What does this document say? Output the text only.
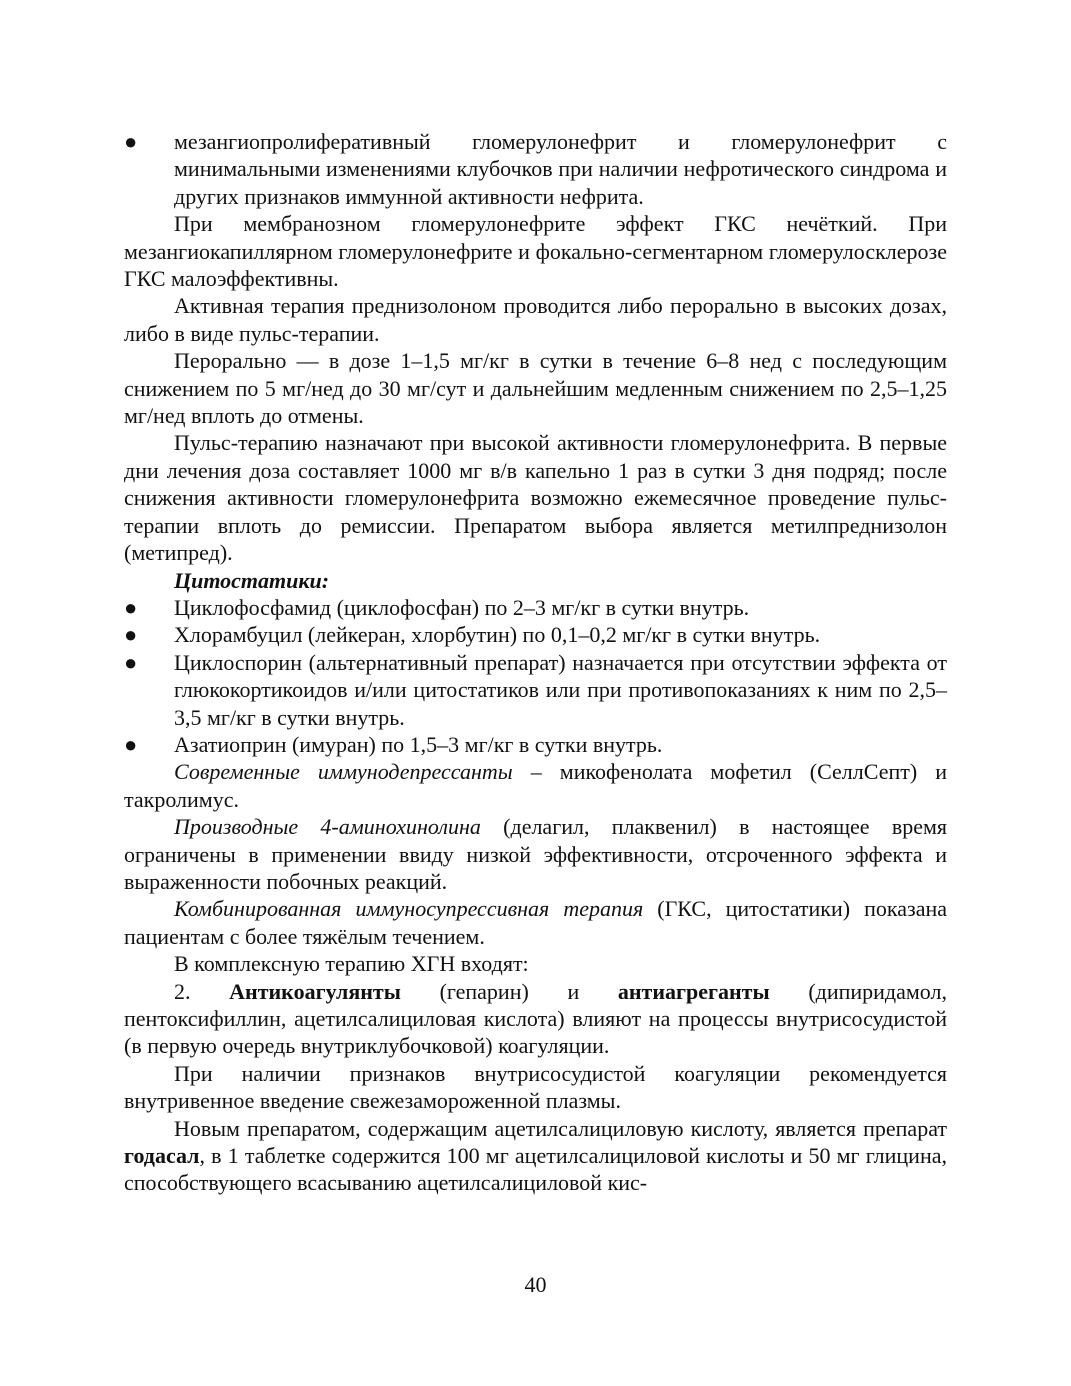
● мезангиопролиферативный гломерулонефрит и гломерулонефрит с минимальными изменениями клубочков при наличии нефротического синдрома и других признаков иммунной активности нефрита.
При мембранозном гломерулонефрите эффект ГКС нечёткий. При мезангиокапиллярном гломерулонефрите и фокально-сегментарном гломерулосклерозе ГКС малоэффективны.
Активная терапия преднизолоном проводится либо перорально в высоких дозах, либо в виде пульс-терапии.
Перорально — в дозе 1–1,5 мг/кг в сутки в течение 6–8 нед с последующим снижением по 5 мг/нед до 30 мг/сут и дальнейшим медленным снижением по 2,5–1,25 мг/нед вплоть до отмены.
Пульс-терапию назначают при высокой активности гломерулонефрита. В первые дни лечения доза составляет 1000 мг в/в капельно 1 раз в сутки 3 дня подряд; после снижения активности гломерулонефрита возможно ежемесячное проведение пульс-терапии вплоть до ремиссии. Препаратом выбора является метилпреднизолон (метипред).
Цитостатики:
● Циклофосфамид (циклофосфан) по 2–3 мг/кг в сутки внутрь.
● Хлорамбуцил (лейкеран, хлорбутин) по 0,1–0,2 мг/кг в сутки внутрь.
● Циклоспорин (альтернативный препарат) назначается при отсутствии эффекта от глюкокортикоидов и/или цитостатиков или при противопоказаниях к ним по 2,5–3,5 мг/кг в сутки внутрь.
● Азатиоприн (имуран) по 1,5–3 мг/кг в сутки внутрь.
Современные иммунодепрессанты – микофенолата мофетил (СеллСепт) и такролимус.
Производные 4-аминохинолина (делагил, плаквенил) в настоящее время ограничены в применении ввиду низкой эффективности, отсроченного эффекта и выраженности побочных реакций.
Комбинированная иммуносупрессивная терапия (ГКС, цитостатики) показана пациентам с более тяжёлым течением.
В комплексную терапию ХГН входят:
2. Антикоагулянты (гепарин) и антиагреганты (дипиридамол, пентоксифиллин, ацетилсалициловая кислота) влияют на процессы внутрисосудистой (в первую очередь внутриклубочковой) коагуляции.
При наличии признаков внутрисосудистой коагуляции рекомендуется внутривенное введение свежезамороженной плазмы.
Новым препаратом, содержащим ацетилсалициловую кислоту, является препарат годасал, в 1 таблетке содержится 100 мг ацетилсалициловой кислоты и 50 мг глицина, способствующего всасыванию ацетилсалициловой кис-
40
